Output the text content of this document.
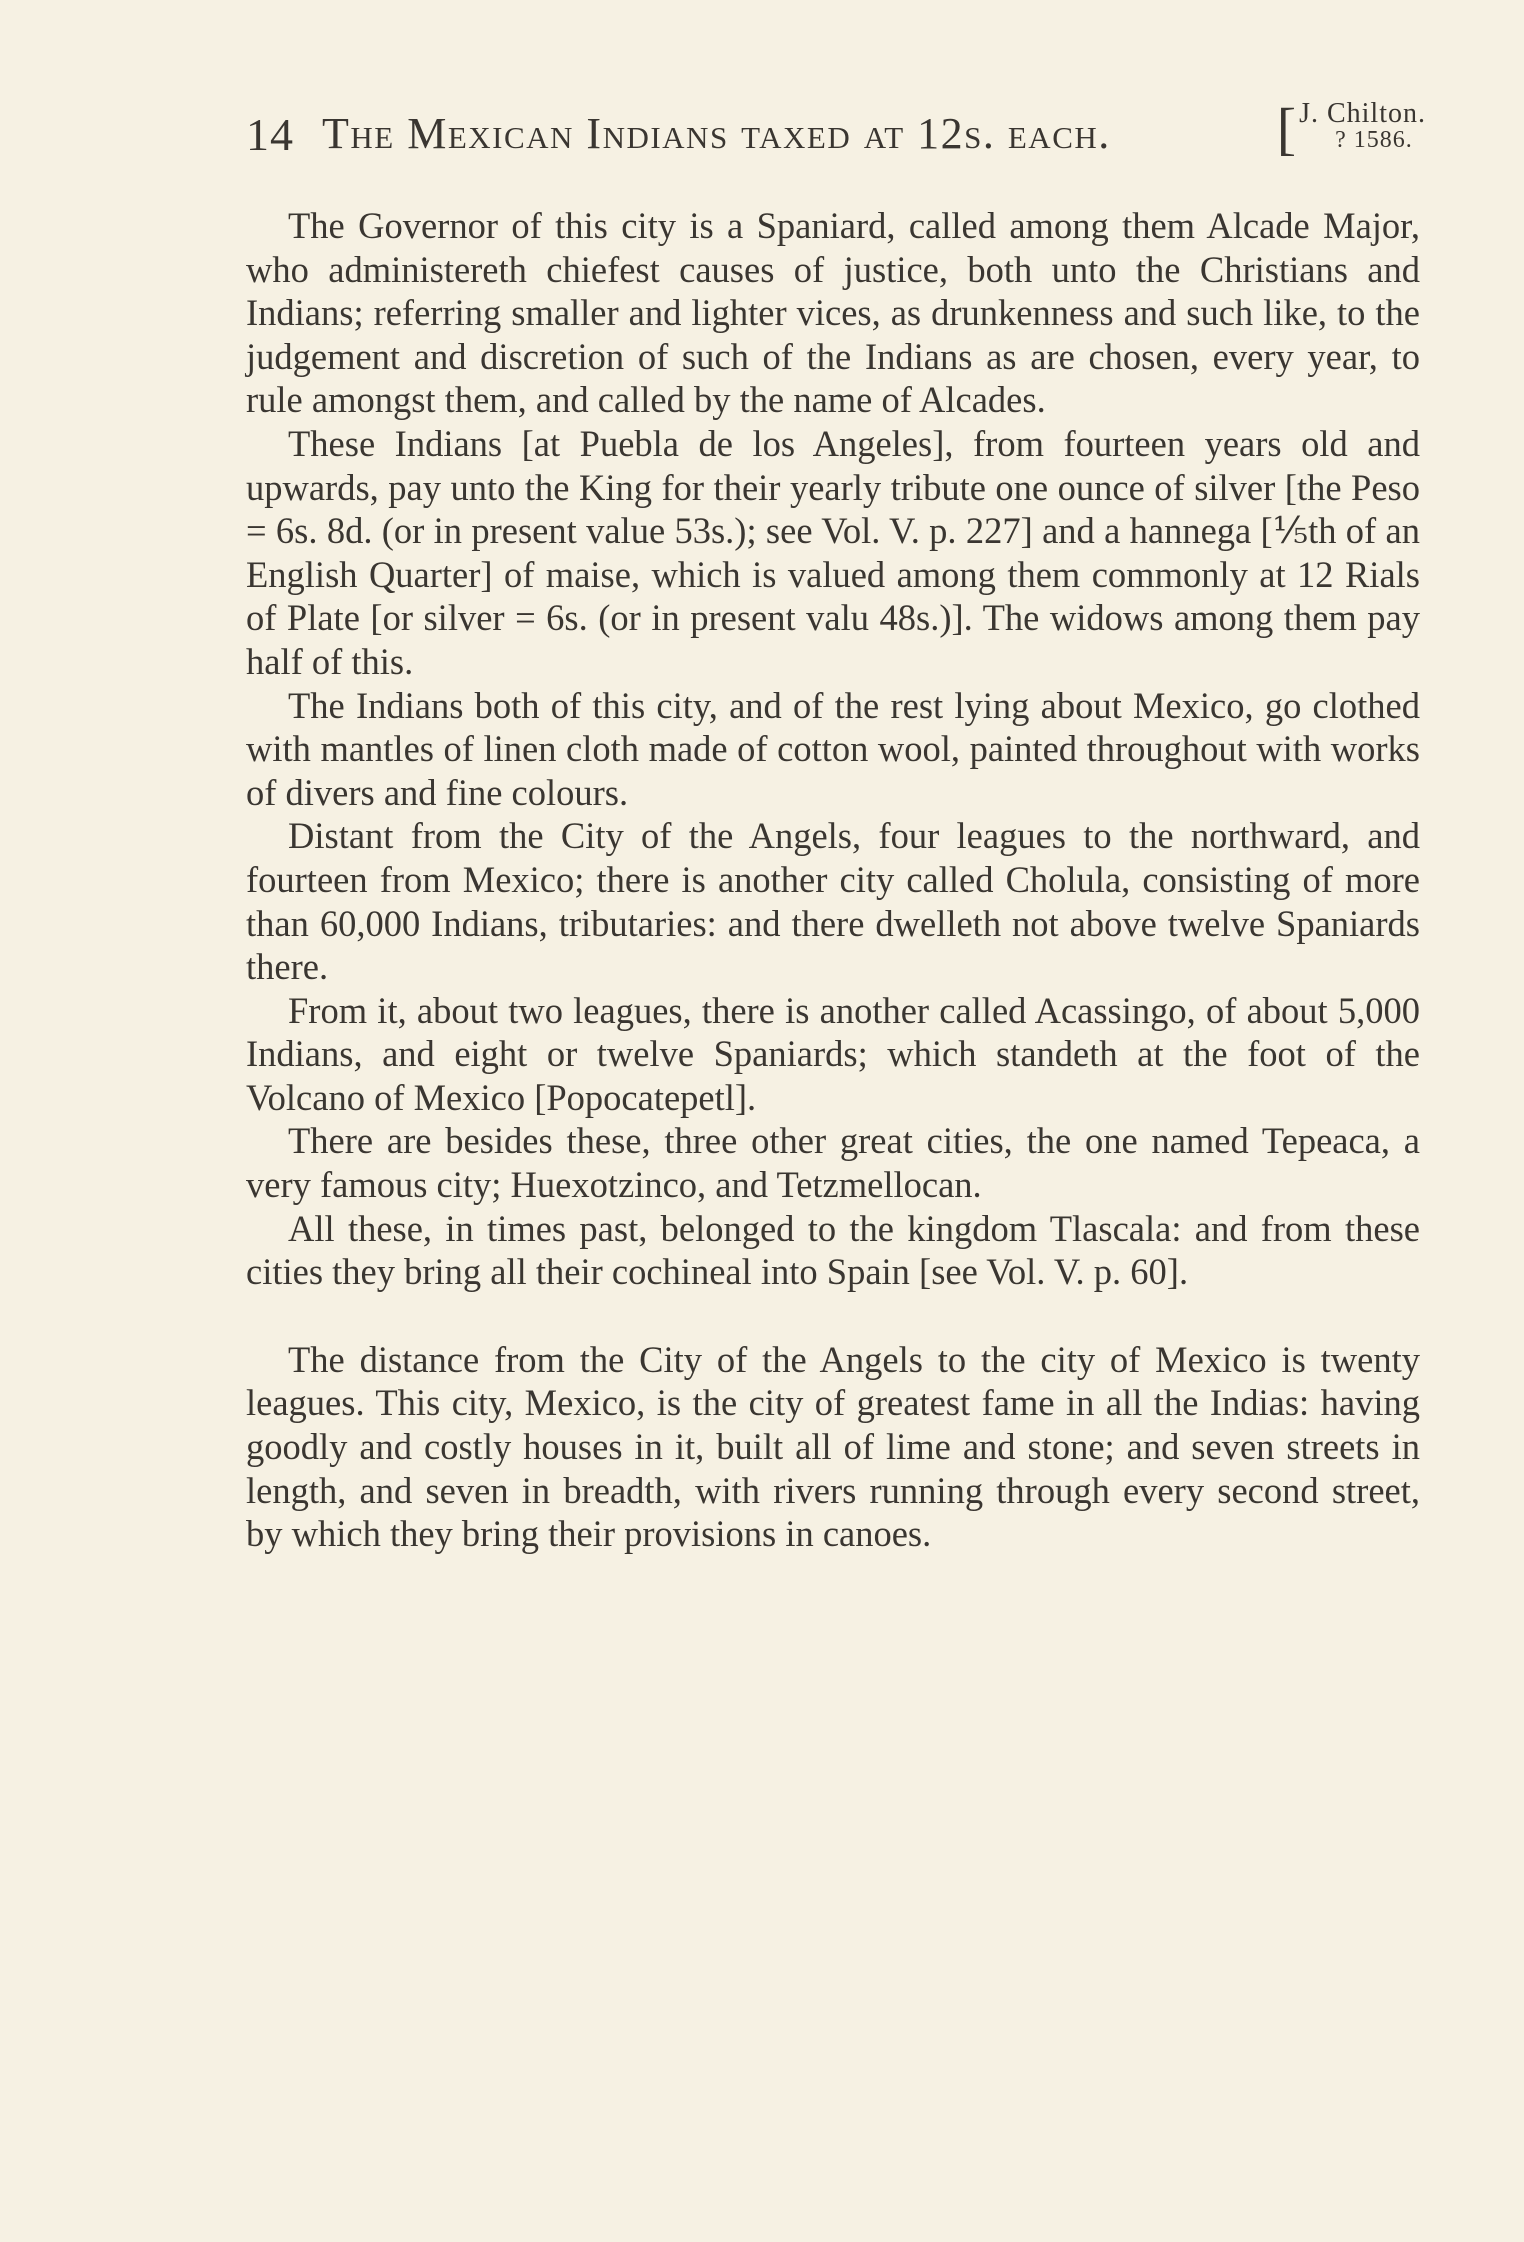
14 The Mexican Indians taxed at 12s. each.	[ J. Chilton.
? 1586.

The Governor of this city is a Spaniard, called among them Alcade Major, who administereth chiefest causes of justice, both unto the Christians and Indians; referring smaller and lighter vices, as drunkenness and such like, to the judgement and discretion of such of the Indians as are chosen, every year, to rule amongst them, and called by the name of Alcades.

These Indians [at Puebla de los Angeles], from fourteen years old and upwards, pay unto the King for their yearly tribute one ounce of silver [the Peso = 6s. 8d. (or in present value 53s.); see Vol. V. p. 227] and a hannega [⅕th of an English Quarter] of maise, which is valued among them commonly at 12 Rials of Plate [or silver = 6s. (or in present valu 48s.)]. The widows among them pay half of this.

The Indians both of this city, and of the rest lying about Mexico, go clothed with mantles of linen cloth made of cotton wool, painted throughout with works of divers and fine colours.

Distant from the City of the Angels, four leagues to the northward, and fourteen from Mexico; there is another city called Cholula, consisting of more than 60,000 Indians, tributaries: and there dwelleth not above twelve Spaniards there.

From it, about two leagues, there is another called Acassingo, of about 5,000 Indians, and eight or twelve Spaniards; which standeth at the foot of the Volcano of Mexico [Popocatepetl].

There are besides these, three other great cities, the one named Tepeaca, a very famous city; Huexotzinco, and Tetzmellocan.

All these, in times past, belonged to the kingdom Tlascala: and from these cities they bring all their cochineal into Spain [see Vol. V. p. 60].

The distance from the City of the Angels to the city of Mexico is twenty leagues. This city, Mexico, is the city of greatest fame in all the Indias: having goodly and costly houses in it, built all of lime and stone; and seven streets in length, and seven in breadth, with rivers running through every second street, by which they bring their provisions in canoes.
